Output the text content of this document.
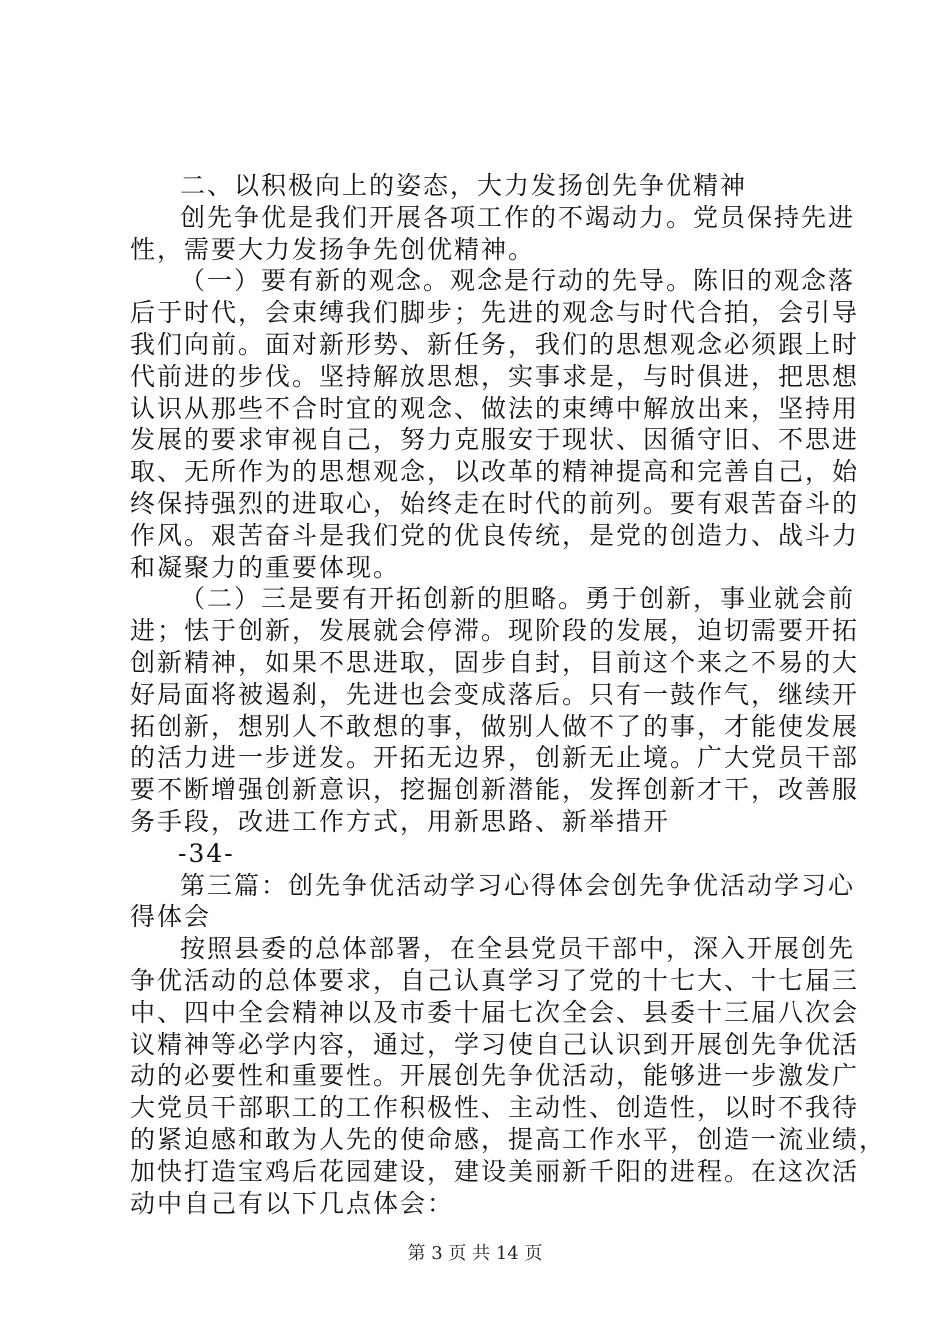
二、以积极向上的姿态，大力发扬创先争优精神
创先争优是我们开展各项工作的不竭动力。党员保持先进
性，需要大力发扬争先创优精神。
（一）要有新的观念。观念是行动的先导。陈旧的观念落
后于时代，会束缚我们脚步；先进的观念与时代合拍，会引导
我们向前。面对新形势、新任务，我们的思想观念必须跟上时
代前进的步伐。坚持解放思想，实事求是，与时俱进，把思想
认识从那些不合时宜的观念、做法的束缚中解放出来，坚持用
发展的要求审视自己，努力克服安于现状、因循守旧、不思进
取、无所作为的思想观念，以改革的精神提高和完善自己，始
终保持强烈的进取心，始终走在时代的前列。要有艰苦奋斗的
作风。艰苦奋斗是我们党的优良传统，是党的创造力、战斗力
和凝聚力的重要体现。
（二）三是要有开拓创新的胆略。勇于创新，事业就会前
进；怯于创新，发展就会停滞。现阶段的发展，迫切需要开拓
创新精神，如果不思进取，固步自封，目前这个来之不易的大
好局面将被遏刹，先进也会变成落后。只有一鼓作气，继续开
拓创新，想别人不敢想的事，做别人做不了的事，才能使发展
的活力进一步迸发。开拓无边界，创新无止境。广大党员干部
要不断增强创新意识，挖掘创新潜能，发挥创新才干，改善服
务手段，改进工作方式，用新思路、新举措开
-34-
第三篇：创先争优活动学习心得体会创先争优活动学习心
得体会
按照县委的总体部署，在全县党员干部中，深入开展创先
争优活动的总体要求，自己认真学习了党的十七大、十七届三
中、四中全会精神以及市委十届七次全会、县委十三届八次会
议精神等必学内容，通过，学习使自己认识到开展创先争优活
动的必要性和重要性。开展创先争优活动，能够进一步激发广
大党员干部职工的工作积极性、主动性、创造性，以时不我待
的紧迫感和敢为人先的使命感，提高工作水平，创造一流业绩，
加快打造宝鸡后花园建设，建设美丽新千阳的进程。在这次活
动中自己有以下几点体会：
第 3 页 共 14 页
